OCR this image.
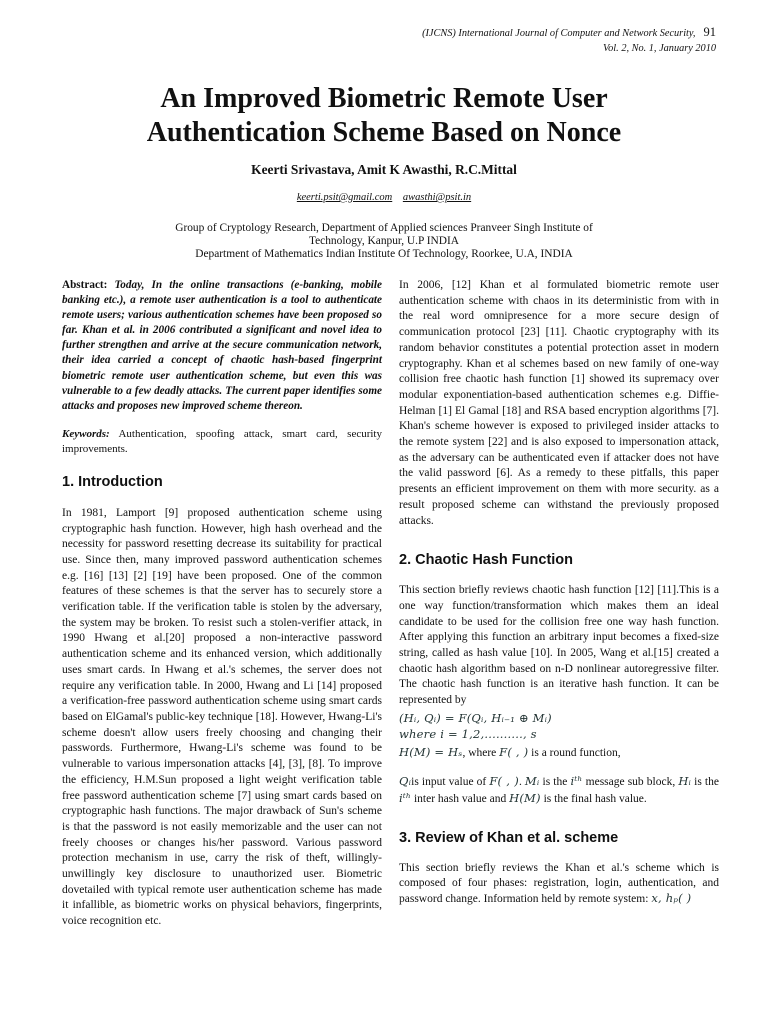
(IJCNS) International Journal of Computer and Network Security, 91
Vol. 2, No. 1, January 2010
An Improved Biometric Remote User
Authentication Scheme Based on Nonce
Keerti Srivastava, Amit K Awasthi, R.C.Mittal
keerti.psit@gmail.com awasthi@psit.in
Group of Cryptology Research, Department of Applied sciences Pranveer Singh Institute of Technology, Kanpur, U.P INDIA
Department of Mathematics Indian Institute Of Technology, Roorkee, U.A, INDIA

Abstract: Today, In the online transactions (e-banking, mobile banking etc.), a remote user authentication is a tool to authenticate remote users; various authentication schemes have been proposed so far. Khan et al. in 2006 contributed a significant and novel idea to further strengthen and arrive at the secure communication network, their idea carried a concept of chaotic hash-based fingerprint biometric remote user authentication scheme, but even this was vulnerable to a few deadly attacks. The current paper identifies some attacks and proposes new improved scheme thereon.

Keywords: Authentication, spoofing attack, smart card, security improvements.

1. Introduction

In 1981, Lamport [9] proposed authentication scheme using cryptographic hash function. However, high hash overhead and the necessity for password resetting decrease its suitability for practical use. Since then, many improved password authentication schemes e.g. [16] [13] [2] [19] have been proposed. One of the common features of these schemes is that the server has to securely store a verification table. If the verification table is stolen by the adversary, the system may be broken. To resist such a stolen-verifier attack, in 1990 Hwang et al.[20] proposed a non-interactive password authentication scheme and its enhanced version, which additionally uses smart cards. In Hwang et al.'s schemes, the server does not require any verification table. In 2000, Hwang and Li [14] proposed a verification-free password authentication scheme using smart cards based on ElGamal's public-key technique [18]. However, Hwang-Li's scheme doesn't allow users freely choosing and changing their passwords. Furthermore, Hwang-Li's scheme was found to be vulnerable to various impersonation attacks [4], [3], [8]. To improve the efficiency, H.M.Sun proposed a light weight verification table free password authentication scheme [7] using smart cards based on cryptographic hash functions. The major drawback of Sun's scheme is that the password is not easily memorizable and the user can not freely chooses or changes his/her password. Various password protection mechanism in use, carry the risk of theft, willingly-unwillingly key disclosure to unauthorized user. Biometric dovetailed with typical remote user authentication scheme has made it infallible, as biometric works on physical behaviors, fingerprints, voice recognition etc.

In 2006, [12] Khan et al formulated biometric remote user authentication scheme with chaos in its deterministic from with in the real word omnipresence for a more secure design of communication protocol [23] [11]. Chaotic cryptography with its random behavior constitutes a potential protection asset in modern cryptography. Khan et al schemes based on new family of one-way collision free chaotic hash function [1] showed its supremacy over modular exponentiation-based authentication schemes e.g. Diffie-Helman [1] El Gamal [18] and RSA based encryption algorithms [7]. Khan's scheme however is exposed to privileged insider attacks to the remote system [22] and is also exposed to impersonation attack, as the adversary can be authenticated even if attacker does not have the valid password [6]. As a remedy to these pitfalls, this paper presents an efficient improvement on them with more security. as a result proposed scheme can withstand the previously proposed attacks.

2. Chaotic Hash Function

This section briefly reviews chaotic hash function [12] [11].This is a one way function/transformation which makes them an ideal candidate to be used for the collision free one way hash function. After applying this function an arbitrary input becomes a fixed-size string, called as hash value [10]. In 2005, Wang et al.[15] created a chaotic hash algorithm based on n-D nonlinear autoregressive filter. The chaotic hash function is an iterative hash function. It can be represented by

(Hᵢ, Qᵢ) = F(Qᵢ, Hᵢ₋₁ ⊕ Mᵢ)

where i = 1,2,.........., s

H(M) = Hₛ, where F( , ) is a round function,

Qᵢis input value of F( , ). Mᵢ is the iᵗʰ message sub block, Hᵢ is the iᵗʰ inter hash value and H(M) is the final hash value.

3. Review of Khan et al. scheme

This section briefly reviews the Khan et al.'s scheme which is composed of four phases: registration, login, authentication, and password change. Information held by remote system: x, hₚ( )
